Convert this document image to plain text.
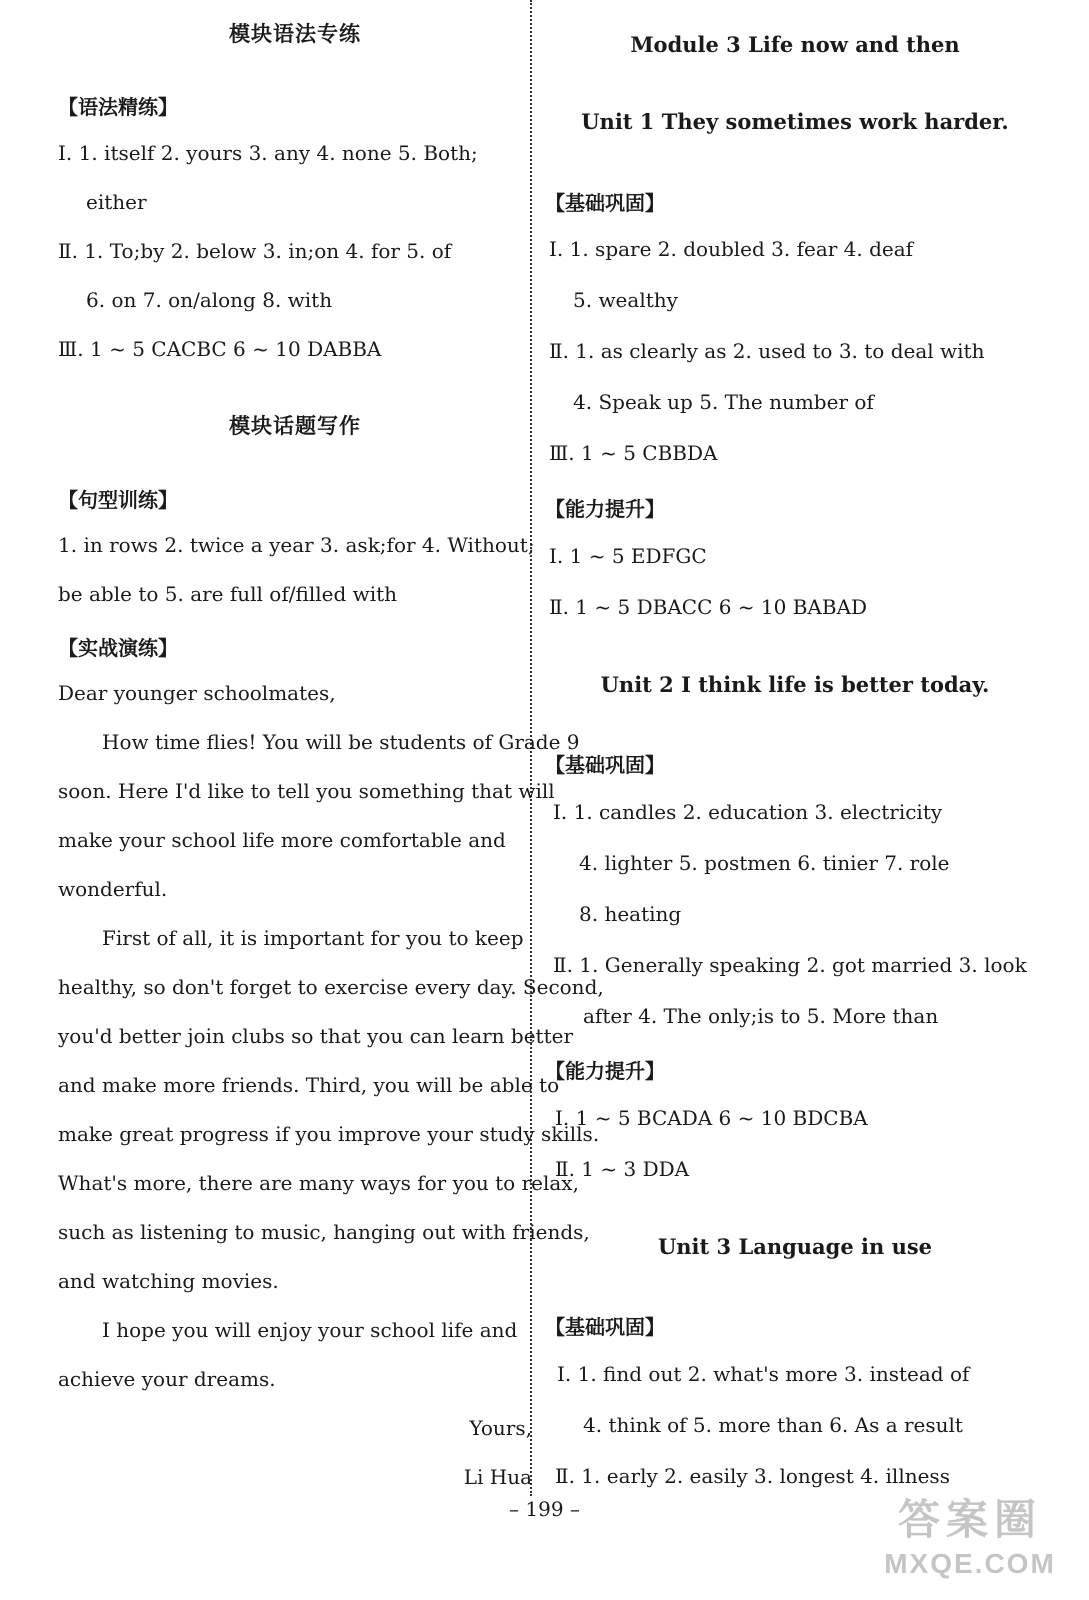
模块语法专练
【语法精练】
Ⅰ. 1. itself 2. yours 3. any 4. none 5. Both;
either
Ⅱ. 1. To;by 2. below 3. in;on 4. for 5. of
6. on 7. on/along 8. with
Ⅲ. 1 ~ 5 CACBC 6 ~ 10 DABBA
模块话题写作
【句型训练】
1. in rows 2. twice a year 3. ask;for 4. Without;
be able to 5. are full of/filled with
【实战演练】
Dear younger schoolmates,
How time flies! You will be students of Grade 9
soon. Here I'd like to tell you something that will
make your school life more comfortable and
wonderful.
First of all, it is important for you to keep
healthy, so don't forget to exercise every day. Second,
you'd better join clubs so that you can learn better
and make more friends. Third, you will be able to
make great progress if you improve your study skills.
What's more, there are many ways for you to relax,
such as listening to music, hanging out with friends,
and watching movies.
I hope you will enjoy your school life and
achieve your dreams.
Yours,
Li Hua
Module 3 Life now and then
Unit 1 They sometimes work harder.
【基础巩固】
Ⅰ. 1. spare 2. doubled 3. fear 4. deaf
5. wealthy
Ⅱ. 1. as clearly as 2. used to 3. to deal with
4. Speak up 5. The number of
Ⅲ. 1 ~ 5 CBBDA
【能力提升】
Ⅰ. 1 ~ 5 EDFGC
Ⅱ. 1 ~ 5 DBACC 6 ~ 10 BABAD
Unit 2 I think life is better today.
【基础巩固】
Ⅰ. 1. candles 2. education 3. electricity
4. lighter 5. postmen 6. tinier 7. role
8. heating
Ⅱ. 1. Generally speaking 2. got married 3. look
after 4. The only;is to 5. More than
【能力提升】
Ⅰ. 1 ~ 5 BCADA 6 ~ 10 BDCBA
Ⅱ. 1 ~ 3 DDA
Unit 3 Language in use
【基础巩固】
Ⅰ. 1. find out 2. what's more 3. instead of
4. think of 5. more than 6. As a result
Ⅱ. 1. early 2. easily 3. longest 4. illness
– 199 –	答案圈
MXQE.COM
